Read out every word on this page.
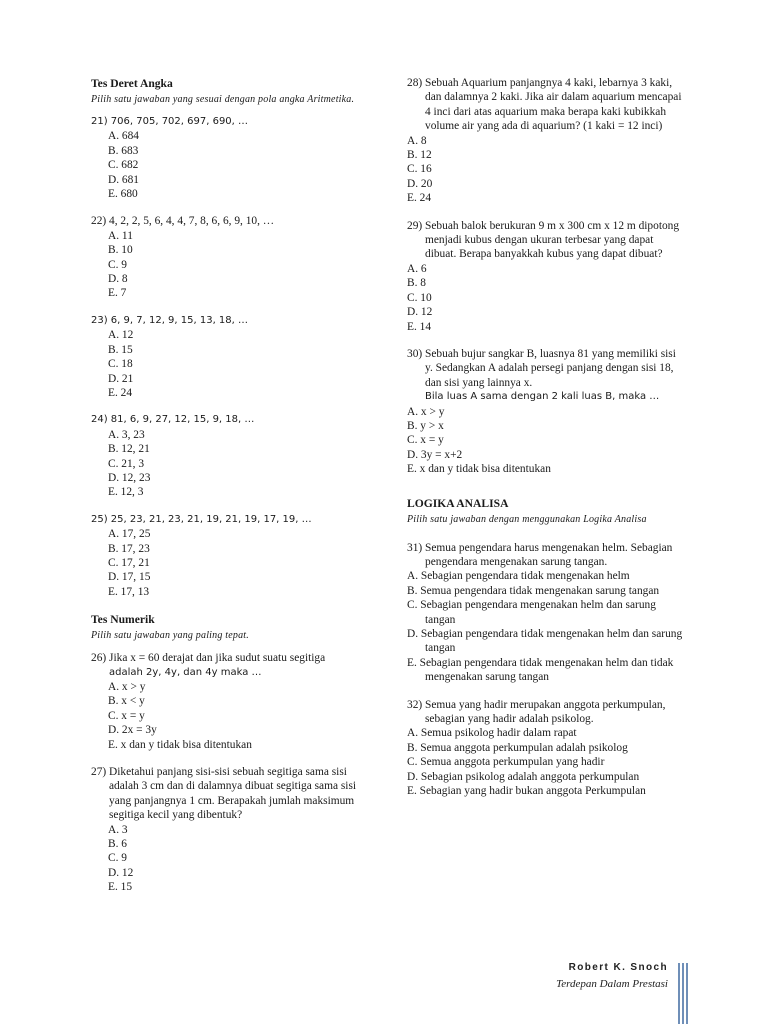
Tes Deret Angka
Pilih satu jawaban yang sesuai dengan pola angka Aritmetika.
21) 706, 705, 702, 697, 690, …
A. 684
B. 683
C. 682
D. 681
E. 680
22) 4, 2, 2, 5, 6, 4, 4, 7, 8, 6, 6, 9, 10, …
A. 11
B. 10
C. 9
D. 8
E. 7
23) 6, 9, 7, 12, 9, 15, 13, 18, …
A. 12
B. 15
C. 18
D. 21
E. 24
24) 81, 6, 9, 27, 12, 15, 9, 18, …
A. 3, 23
B. 12, 21
C. 21, 3
D. 12, 23
E. 12, 3
25) 25, 23, 21, 23, 21, 19, 21, 19, 17, 19, …
A. 17, 25
B. 17, 23
C. 17, 21
D. 17, 15
E. 17, 13
Tes Numerik
Pilih satu jawaban yang paling tepat.
26) Jika x = 60 derajat dan jika sudut suatu segitiga
adalah 2y, 4y, dan 4y maka …
A. x > y
B. x < y
C. x = y
D. 2x = 3y
E. x dan y tidak bisa ditentukan
27) Diketahui panjang sisi-sisi sebuah segitiga sama sisi adalah 3 cm dan di dalamnya dibuat segitiga sama sisi yang panjangnya 1 cm. Berapakah jumlah maksimum segitiga kecil yang dibentuk?
A. 3
B. 6
C. 9
D. 12
E. 15
28) Sebuah Aquarium panjangnya 4 kaki, lebarnya 3 kaki, dan dalamnya 2 kaki. Jika air dalam aquarium mencapai 4 inci dari atas aquarium maka berapa kaki kubikkah volume air yang ada di aquarium? (1 kaki = 12 inci)
A. 8
B. 12
C. 16
D. 20
E. 24
29) Sebuah balok berukuran 9 m x 300 cm x 12 m dipotong menjadi kubus dengan ukuran terbesar yang dapat dibuat. Berapa banyakkah kubus yang dapat dibuat?
A. 6
B. 8
C. 10
D. 12
E. 14
30) Sebuah bujur sangkar B, luasnya 81 yang memiliki sisi y. Sedangkan A adalah persegi panjang dengan sisi 18, dan sisi yang lainnya x.
Bila luas A sama dengan 2 kali luas B, maka …
A. x > y
B. y > x
C. x = y
D. 3y = x+2
E. x dan y tidak bisa ditentukan
LOGIKA ANALISA
Pilih satu jawaban dengan menggunakan Logika Analisa
31) Semua pengendara harus mengenakan helm. Sebagian pengendara mengenakan sarung tangan.
A. Sebagian pengendara tidak mengenakan helm
B. Semua pengendara tidak mengenakan sarung tangan
C. Sebagian pengendara mengenakan helm dan sarung tangan
D. Sebagian pengendara tidak mengenakan helm dan sarung tangan
E. Sebagian pengendara tidak mengenakan helm dan tidak mengenakan sarung tangan
32) Semua yang hadir merupakan anggota perkumpulan, sebagian yang hadir adalah psikolog.
A. Semua psikolog hadir dalam rapat
B. Semua anggota perkumpulan adalah psikolog
C. Semua anggota perkumpulan yang hadir
D. Sebagian psikolog adalah anggota perkumpulan
E. Sebagian yang hadir bukan anggota Perkumpulan
Robert K. Snoch
Terdepan Dalam Prestasi
